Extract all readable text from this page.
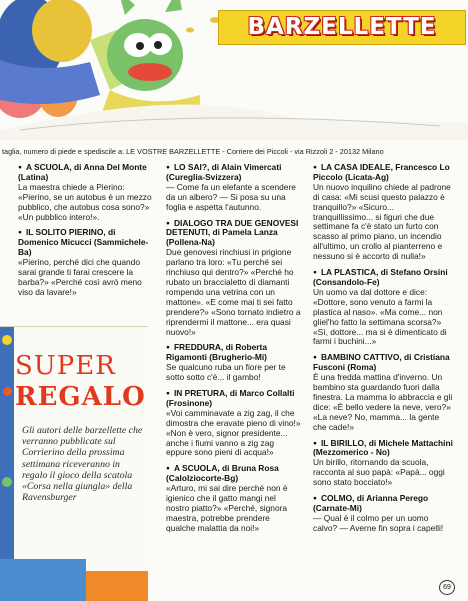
BARZELLETTE
taglia, numero di piede e spediscile a: LE VOSTRE BARZELLETTE - Corriere dei Piccoli - via Rizzoli 2 - 20132 Milano
● A SCUOLA, di Anna Del Monte (Latina)
La maestra chiede a Pierino: «Pierino, se un autobus è un mezzo pubblico, che autobus cosa sono?» «Un pubblico intero!».
● IL SOLITO PIERINO, di Domenico Micucci (Sammichele-Ba)
«Pierino, perché dici che quando sarai grande ti farai crescere la barba?» «Perché così avrò meno viso da lavare!»
● LO SAI?, di Alain Vimercati (Cureglia-Svizzera)
— Come fa un elefante a scendere da un albero? — Si posa su una foglia e aspetta l'autunno.
● DIALOGO TRA DUE GENOVESI DETENUTI, di Pamela Lanza (Pollena-Na)
Due genovesi rinchiusi in prigione parlano tra loro: «Tu perché sei rinchiuso qui dentro?» «Perché ho rubato un braccialetto di diamanti rompendo una vetrina con un mattone». «E come mai ti sei fatto prendere?» «Sono tornato indietro a riprendermi il mattone... era quasi nuovo!»
● FREDDURA, di Roberta Rigamonti (Brugherio-Mi)
Se qualcuno ruba un fiore per te sotto sotto c'è... il gambo!
● IN PRETURA, di Marco Collalti (Frosinone)
«Voi camminavate a zig zag, il che dimostra che eravate pieno di vino!» «Non è vero, signor presidente... anche i fiumi vanno a zig zag eppure sono pieni di acqua!»
● A SCUOLA, di Bruna Rosa (Calolziocorte-Bg)
«Arturo, mi sai dire perché non è igienico che il gatto mangi nel nostro piatto?» «Perché, signora maestra, potrebbe prendere qualche malattia da noi!»
● LA CASA IDEALE, Francesco Lo Piccolo (Licata-Ag)
Un nuovo inquilino chiede al padrone di casa: «Mi scusi questo palazzo è tranquillo?» «Sicuro... tranquillissimo... si figuri che due settimane fa c'è stato un furto con scasso al primo piano, un incendio all'ultimo, un crollo al pianterreno e nessuno si è accorto di nulla!»
● LA PLASTICA, di Stefano Orsini (Consandolo-Fe)
Un uomo va dal dottore e dice: «Dottore, sono venuto a farmi la plastica al naso». «Ma come... non gliel'ho fatto la settimana scorsa?» «Sì, dottore... ma si è dimenticato di farmi i buchini...»
● BAMBINO CATTIVO, di Cristiana Fusconi (Roma)
È una fredda mattina d'inverno. Un bambino sta guardando fuori dalla finestra. La mamma lo abbraccia e gli dice: «È bello vedere la neve, vero?» «La neve? No, mamma... la gente che cade!»
● IL BIRILLO, di Michele Mattachini (Mezzomerico - No)
Un birillo, ritornando da scuola, racconta al suo papà: «Papà... oggi sono stato bocciato!»
● COLMO, di Arianna Perego (Carnate-Mi)
— Qual è il colmo per un uomo calvo? — Averne fin sopra i capelli!
SUPER
REGALO
Gli autori delle barzellette che verranno pubblicate sul Corrierino della prossima settimana riceveranno in regalo il gioco della scatola «Corsa nella giungla» della Ravensburger
69
